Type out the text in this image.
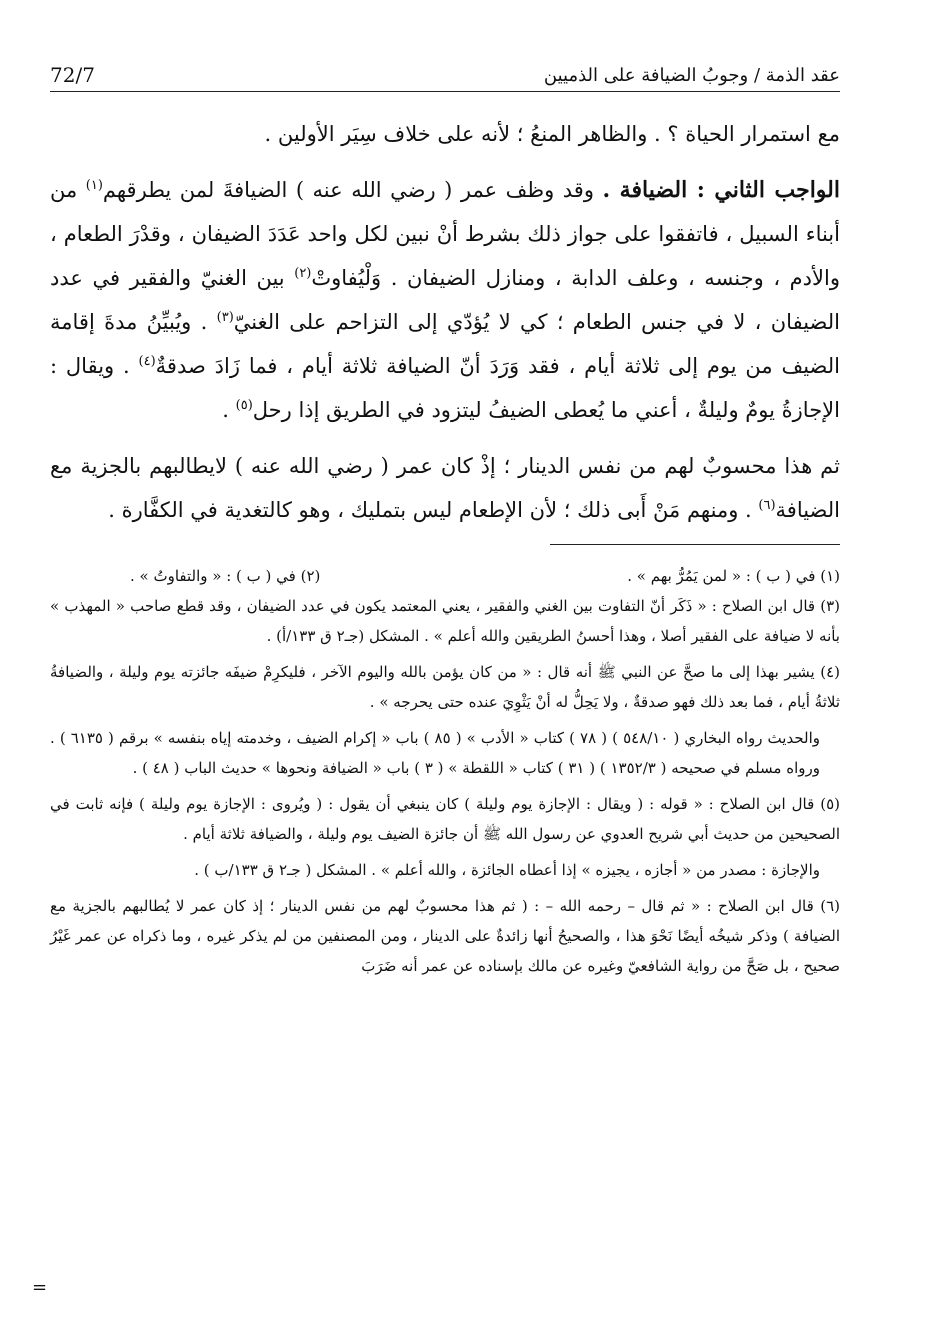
عقد الذمة / وجوبُ الضيافة على الذميين
72/7

مع استمرار الحياة ؟ . والظاهر المنعُ ؛ لأنه على خلاف سِيَر الأولين .

الواجب الثاني : الضيافة . وقد وظف عمر ( رضي الله عنه ) الضيافةَ لمن يطرقهم$^{(١)}$ من أبناء السبيل ، فاتفقوا على جواز ذلك بشرط أنْ نبين لكل واحد عَدَدَ الضيفان ، وقدْرَ الطعام ، والأدم ، وجنسه ، وعلف الدابة ، ومنازل الضيفان . وَلْيُفاوتْ$^{(٢)}$ بين الغنيّ والفقير في عدد الضيفان ، لا في جنس الطعام ؛ كي لا يُؤدّي إلى التزاحم على الغنيّ$^{(٣)}$ . ويُبيِّنُ مدةَ إقامة الضيف من يوم إلى ثلاثة أيام ، فقد وَرَدَ أنّ الضيافة ثلاثة أيام ، فما زَادَ صدقةٌ$^{(٤)}$ . ويقال : الإجازةُ يومٌ وليلةٌ ، أعني ما يُعطى الضيفُ ليتزود في الطريق إذا رحل$^{(٥)}$ .

ثم هذا محسوبٌ لهم من نفس الدينار ؛ إذْ كان عمر ( رضي الله عنه ) لايطالبهم بالجزية مع الضيافة$^{(٦)}$ . ومنهم مَنْ أَبى ذلك ؛ لأن الإطعام ليس بتمليك ، وهو كالتغدية في الكفَّارة .

(١) في ( ب ) : « لمن يَمُرُّ بهم » .
(٢) في ( ب ) : « والتفاوتُ » .

(٣) قال ابن الصلاح : « ذَكَر أنّ التفاوت بين الغني والفقير ، يعني المعتمد يكون في عدد الضيفان ، وقد قطع صاحب « المهذب » بأنه لا ضيافة على الفقير أصلا ، وهذا أحسنُ الطريقين والله أعلم » . المشكل (جـ٢ ق ١٣٣/أ) .

(٤) يشير بهذا إلى ما صحَّ عن النبي ﷺ أنه قال : « من كان يؤمن بالله واليوم الآخر ، فليكرِمْ ضيفَه جائزته يوم وليلة ، والضيافةُ ثلاثةُ أيام ، فما بعد ذلك فهو صدقةٌ ، ولا يَحِلُّ له أنْ يَثْوِيَ عنده حتى يحرجه » .

والحديث رواه البخاري ( ٥٤٨/١٠ ) ( ٧٨ ) كتاب « الأدب » ( ٨٥ ) باب « إكرام الضيف ، وخدمته إياه بنفسه » برقم ( ٦١٣٥ ) . ورواه مسلم في صحيحه ( ١٣٥٢/٣ ) ( ٣١ ) كتاب « اللقطة » ( ٣ ) باب « الضيافة ونحوها » حديث الباب ( ٤٨ ) .

(٥) قال ابن الصلاح : « قوله : ( ويقال : الإجازة يوم وليلة ) كان ينبغي أن يقول : ( ويُروى : الإجازة يوم وليلة ) فإنه ثابت في الصحيحين من حديث أبي شريح العدوي عن رسول الله ﷺ أن جائزة الضيف يوم وليلة ، والضيافة ثلاثة أيام .

والإجازة : مصدر من « أجازه ، يجيزه » إذا أعطاه الجائزة ، والله أعلم » . المشكل ( جـ٢ ق ١٣٣/ب ) .

(٦) قال ابن الصلاح : « ثم قال – رحمه الله – : ( ثم هذا محسوبٌ لهم من نفس الدينار ؛ إذ كان عمر لا يُطالبهم بالجزية مع الضيافة ) وذكر شيخُه أيضًا نَحْوَ هذا ، والصحيحُ أنها زائدةٌ على الدينار ، ومن المصنفين من لم يذكر غيره ، وما ذكراه عن عمر غَيْرُ صحيح ، بل صَحَّ من رواية الشافعيّ وغيره عن مالك بإسناده عن عمر أنه ضَرَبَ

=
